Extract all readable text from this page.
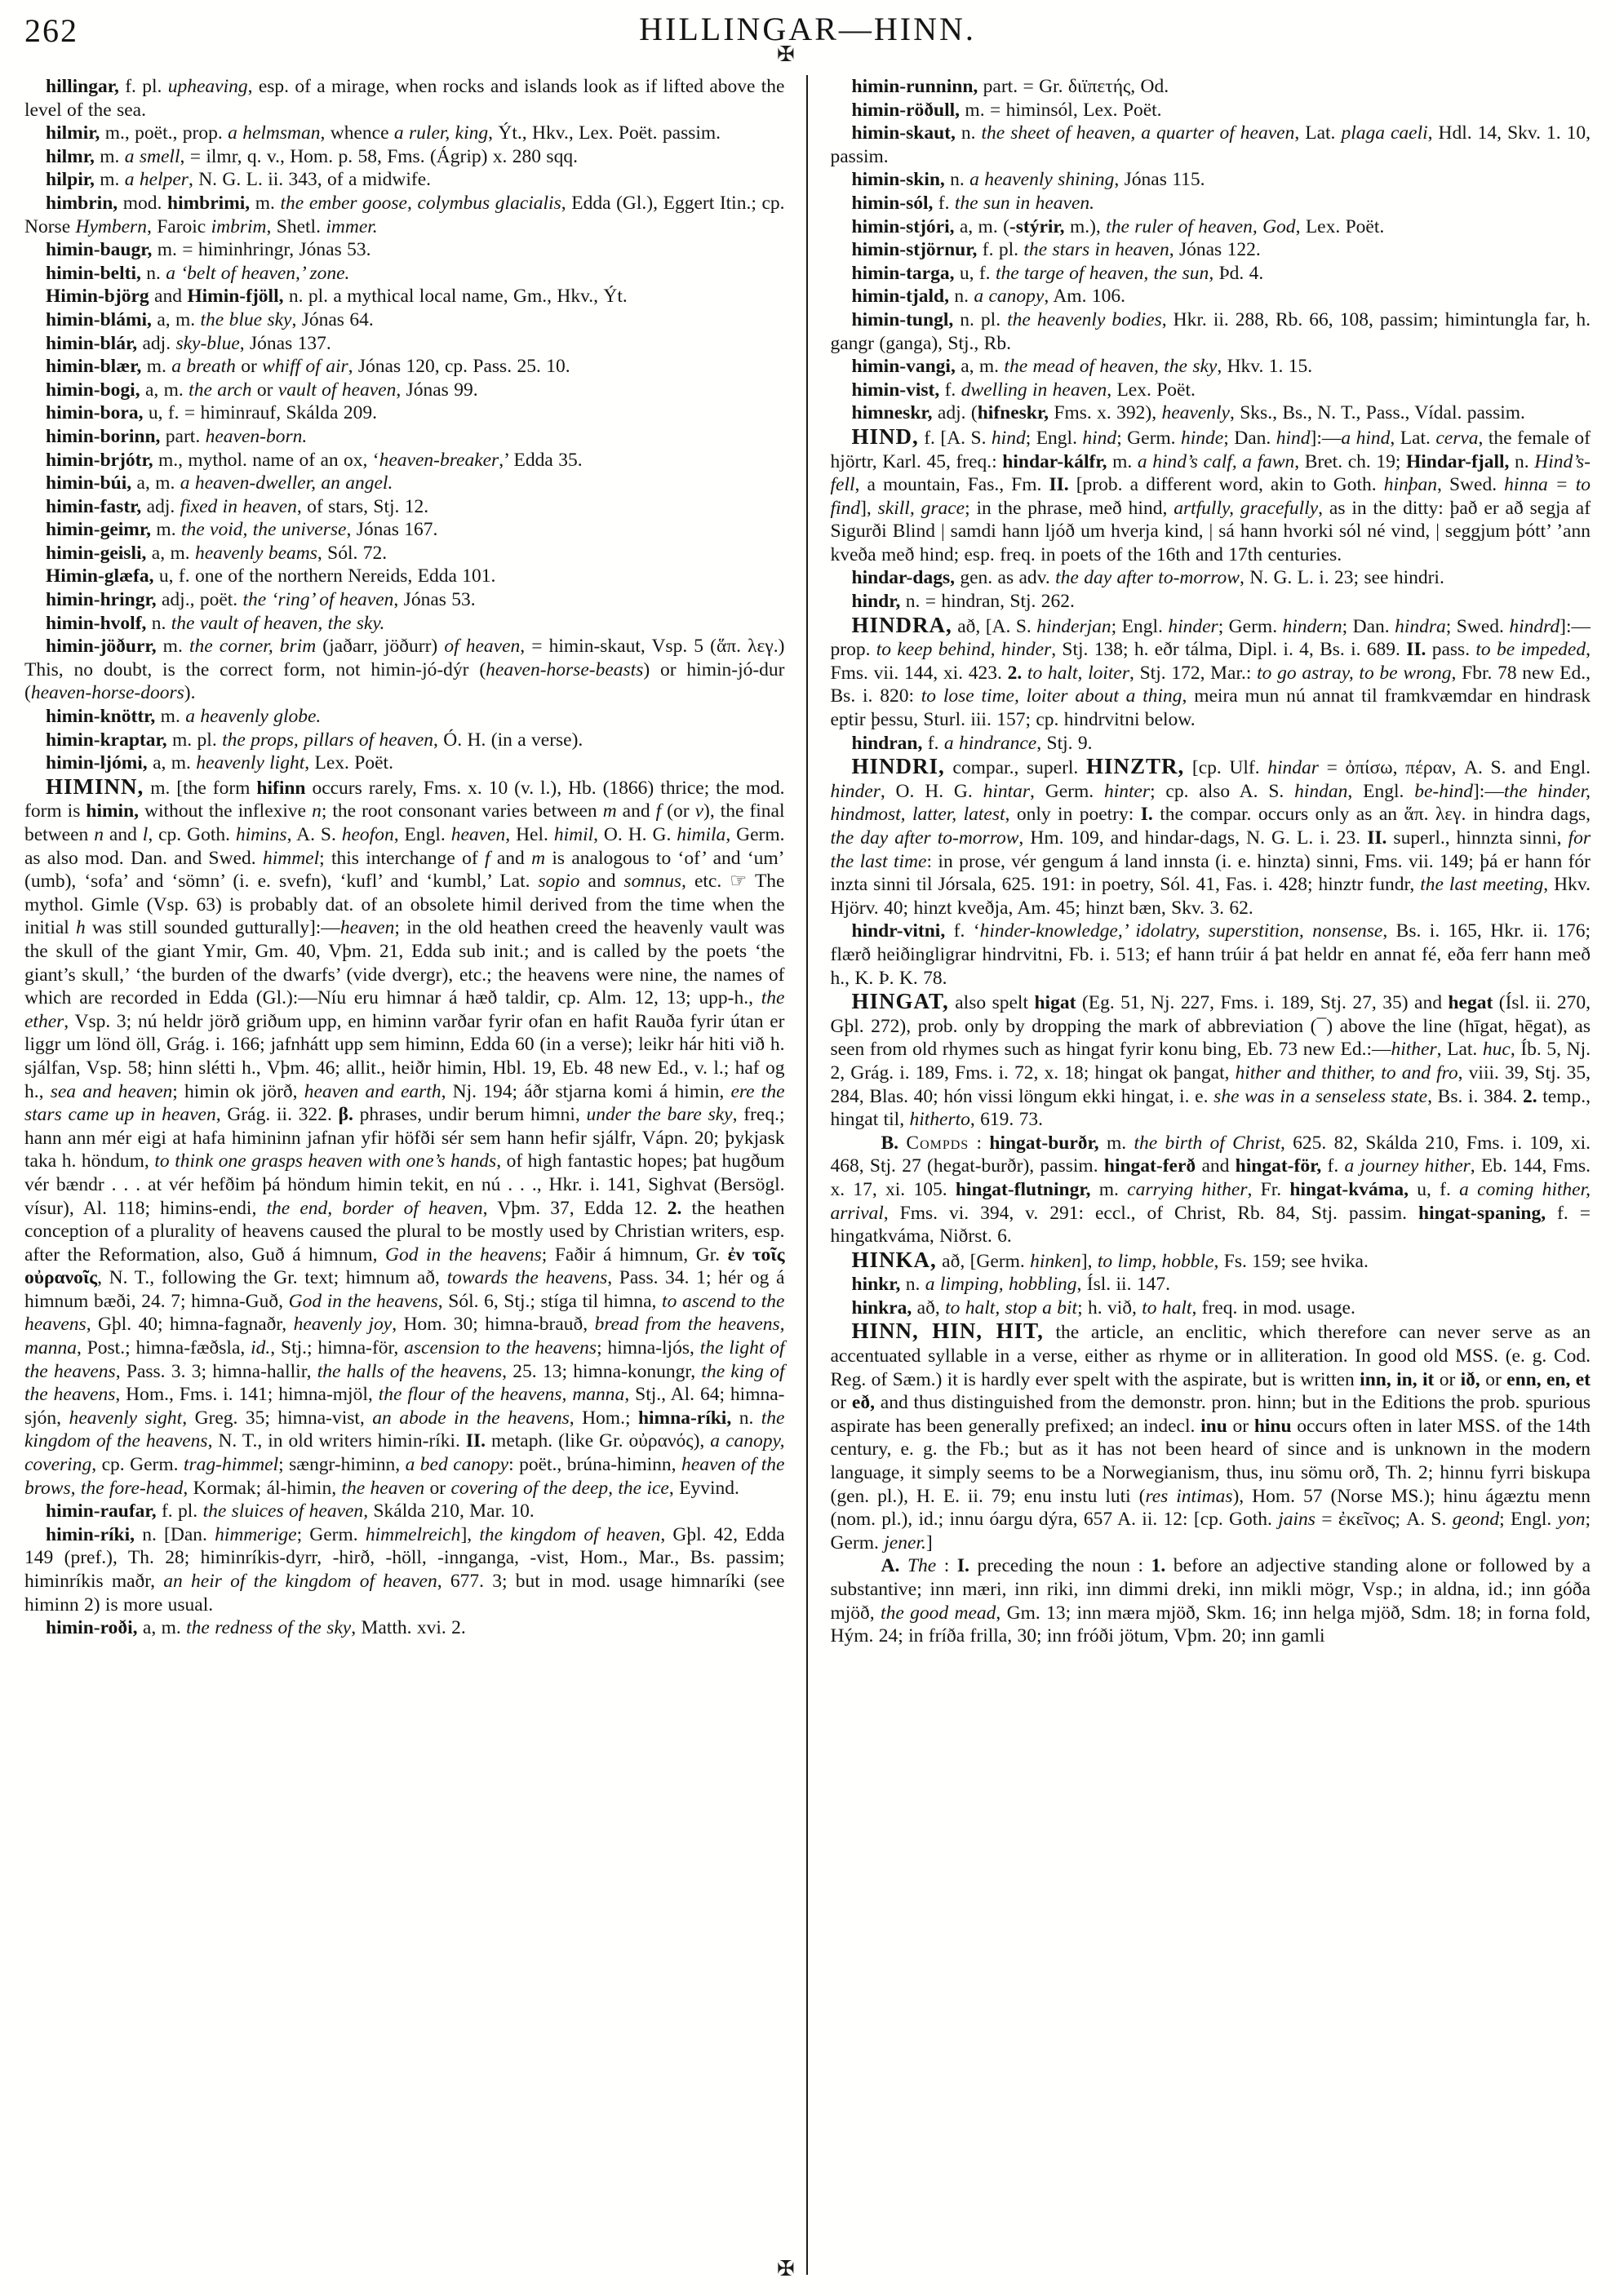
262	HILLINGAR—HINN.

hillingar, f. pl. upheaving, esp. of a mirage, when rocks and islands look as if lifted above the level of the sea.

hilmir, m., poët., prop. a helmsman, whence a ruler, king, Ýt., Hkv., Lex. Poët. passim.

hilmr, m. a smell, = ilmr, q. v., Hom. p. 58, Fms. (Ágrip) x. 280 sqq.

hilpir, m. a helper, N. G. L. ii. 343, of a midwife.

himbrin, mod. himbrimi, m. the ember goose, colymbus glacialis, Edda (Gl.), Eggert Itin.; cp. Norse Hymbern, Faroic imbrim, Shetl. immer.

himin-baugr, m. = himinhringr, Jónas 53.

himin-belti, n. a ‘belt of heaven,’ zone.

Himin-björg and Himin-fjöll, n. pl. a mythical local name, Gm., Hkv., Ýt.

himin-blámi, a, m. the blue sky, Jónas 64.

himin-blár, adj. sky-blue, Jónas 137.

himin-blær, m. a breath or whiff of air, Jónas 120, cp. Pass. 25. 10.

himin-bogi, a, m. the arch or vault of heaven, Jónas 99.

himin-bora, u, f. = himinrauf, Skálda 209.

himin-borinn, part. heaven-born.

himin-brjótr, m., mythol. name of an ox, ‘heaven-breaker,’ Edda 35.

himin-búi, a, m. a heaven-dweller, an angel.

himin-fastr, adj. fixed in heaven, of stars, Stj. 12.

himin-geimr, m. the void, the universe, Jónas 167.

himin-geisli, a, m. heavenly beams, Sól. 72.

Himin-glæfa, u, f. one of the northern Nereids, Edda 101.

himin-hringr, adj., poët. the ‘ring’ of heaven, Jónas 53.

himin-hvolf, n. the vault of heaven, the sky.

himin-jöðurr, m. the corner, brim (jaðarr, jöðurr) of heaven, = himin-skaut, Vsp. 5 (ἅπ. λεγ.) This, no doubt, is the correct form, not himin-jó-dýr (heaven-horse-beasts) or himin-jó-dur (heaven-horse-doors).

himin-knöttr, m. a heavenly globe.

himin-kraptar, m. pl. the props, pillars of heaven, Ó. H. (in a verse).

himin-ljómi, a, m. heavenly light, Lex. Poët.

HIMINN, m. [the form hifinn occurs rarely, Fms. x. 10 (v. l.), Hb. (1866) thrice; the mod. form is himin, without the inflexive n; the root consonant varies between m and f (or v), the final between n and l, cp. Goth. himins, A. S. heofon, Engl. heaven, Hel. himil, O. H. G. himila, Germ. as also mod. Dan. and Swed. himmel; this interchange of f and m is analogous to ‘of’ and ‘um’ (umb), ‘sofa’ and ‘sömn’ (i. e. svefn), ‘kufl’ and ‘kumbl,’ Lat. sopio and somnus, etc. ☞ The mythol. Gimle (Vsp. 63) is probably dat. of an obsolete himil derived from the time when the initial h was still sounded gutturally]:—heaven; in the old heathen creed the heavenly vault was the skull of the giant Ymir, Gm. 40, Vþm. 21, Edda sub init.; and is called by the poets ‘the giant’s skull,’ ‘the burden of the dwarfs’ (vide dvergr), etc.; the heavens were nine, the names of which are recorded in Edda (Gl.):—Níu eru himnar á hæð taldir, cp. Alm. 12, 13; upp-h., the ether, Vsp. 3; nú heldr jörð griðum upp, en himinn varðar fyrir ofan en hafit Rauða fyrir útan er liggr um lönd öll, Grág. i. 166; jafnhátt upp sem himinn, Edda 60 (in a verse); leikr hár hiti við h. sjálfan, Vsp. 58; hinn slétti h., Vþm. 46; allit., heiðr himin, Hbl. 19, Eb. 48 new Ed., v. l.; haf og h., sea and heaven; himin ok jörð, heaven and earth, Nj. 194; áðr stjarna komi á himin, ere the stars came up in heaven, Grág. ii. 322. β. phrases, undir berum himni, under the bare sky, freq.; hann ann mér eigi at hafa himininn jafnan yfir höfði sér sem hann hefir sjálfr, Vápn. 20; þykjask taka h. höndum, to think one grasps heaven with one’s hands, of high fantastic hopes; þat hugðum vér bændr . . . at vér hefðim þá höndum himin tekit, en nú . . ., Hkr. i. 141, Sighvat (Bersögl. vísur), Al. 118; himins-endi, the end, border of heaven, Vþm. 37, Edda 12. 2. the heathen conception of a plurality of heavens caused the plural to be mostly used by Christian writers, esp. after the Reformation, also, Guð á himnum, God in the heavens; Faðir á himnum, Gr. ἐν τοῖς οὐρανοῖς, N. T., following the Gr. text; himnum að, towards the heavens, Pass. 34. 1; hér og á himnum bæði, 24. 7; himna-Guð, God in the heavens, Sól. 6, Stj.; stíga til himna, to ascend to the heavens, Gþl. 40; himna-fagnaðr, heavenly joy, Hom. 30; himna-brauð, bread from the heavens, manna, Post.; himna-fæðsla, id., Stj.; himna-för, ascension to the heavens; himna-ljós, the light of the heavens, Pass. 3. 3; himna-hallir, the halls of the heavens, 25. 13; himna-konungr, the king of the heavens, Hom., Fms. i. 141; himna-mjöl, the flour of the heavens, manna, Stj., Al. 64; himna-sjón, heavenly sight, Greg. 35; himna-vist, an abode in the heavens, Hom.; himna-ríki, n. the kingdom of the heavens, N. T., in old writers himin-ríki. II. metaph. (like Gr. οὐρανός), a canopy, covering, cp. Germ. trag-himmel; sængr-himinn, a bed canopy: poët., brúna-himinn, heaven of the brows, the fore-head, Kormak; ál-himin, the heaven or covering of the deep, the ice, Eyvind.

himin-raufar, f. pl. the sluices of heaven, Skálda 210, Mar. 10.

himin-ríki, n. [Dan. himmerige; Germ. himmelreich], the kingdom of heaven, Gþl. 42, Edda 149 (pref.), Th. 28; himinríkis-dyrr, -hirð, -höll, -innganga, -vist, Hom., Mar., Bs. passim; himinríkis maðr, an heir of the kingdom of heaven, 677. 3; but in mod. usage himnaríki (see himinn 2) is more usual.

himin-roði, a, m. the redness of the sky, Matth. xvi. 2.

himin-runninn, part. = Gr. διϊπετής, Od.

himin-röðull, m. = himinsól, Lex. Poët.

himin-skaut, n. the sheet of heaven, a quarter of heaven, Lat. plaga caeli, Hdl. 14, Skv. 1. 10, passim.

himin-skin, n. a heavenly shining, Jónas 115.

himin-sól, f. the sun in heaven.

himin-stjóri, a, m. (-stýrir, m.), the ruler of heaven, God, Lex. Poët.

himin-stjörnur, f. pl. the stars in heaven, Jónas 122.

himin-targa, u, f. the targe of heaven, the sun, Þd. 4.

himin-tjald, n. a canopy, Am. 106.

himin-tungl, n. pl. the heavenly bodies, Hkr. ii. 288, Rb. 66, 108, passim; himintungla far, h. gangr (ganga), Stj., Rb.

himin-vangi, a, m. the mead of heaven, the sky, Hkv. 1. 15.

himin-vist, f. dwelling in heaven, Lex. Poët.

himneskr, adj. (hifneskr, Fms. x. 392), heavenly, Sks., Bs., N. T., Pass., Vídal. passim.

HIND, f. [A. S. hind; Engl. hind; Germ. hinde; Dan. hind]:—a hind, Lat. cerva, the female of hjörtr, Karl. 45, freq.: hindar-kálfr, m. a hind’s calf, a fawn, Bret. ch. 19; Hindar-fjall, n. Hind’s-fell, a mountain, Fas., Fm. II. [prob. a different word, akin to Goth. hinþan, Swed. hinna = to find], skill, grace; in the phrase, með hind, artfully, gracefully, as in the ditty: það er að segja af Sigurði Blind | samdi hann ljóð um hverja kind, | sá hann hvorki sól né vind, | seggjum þótt’ ’ann kveða með hind; esp. freq. in poets of the 16th and 17th centuries.

hindar-dags, gen. as adv. the day after to-morrow, N. G. L. i. 23; see hindri.

hindr, n. = hindran, Stj. 262.

HINDRA, að, [A. S. hinderjan; Engl. hinder; Germ. hindern; Dan. hindra; Swed. hindrd]:—prop. to keep behind, hinder, Stj. 138; h. eðr tálma, Dipl. i. 4, Bs. i. 689. II. pass. to be impeded, Fms. vii. 144, xi. 423. 2. to halt, loiter, Stj. 172, Mar.: to go astray, to be wrong, Fbr. 78 new Ed., Bs. i. 820: to lose time, loiter about a thing, meira mun nú annat til framkvæmdar en hindrask eptir þessu, Sturl. iii. 157; cp. hindrvitni below.

hindran, f. a hindrance, Stj. 9.

HINDRI, compar., superl. HINZTR, [cp. Ulf. hindar = ὀπίσω, πέραν, A. S. and Engl. hinder, O. H. G. hintar, Germ. hinter; cp. also A. S. hindan, Engl. be-hind]:—the hinder, hindmost, latter, latest, only in poetry: I. the compar. occurs only as an ἅπ. λεγ. in hindra dags, the day after to-morrow, Hm. 109, and hindar-dags, N. G. L. i. 23. II. superl., hinnzta sinni, for the last time: in prose, vér gengum á land innsta (i. e. hinzta) sinni, Fms. vii. 149; þá er hann fór inzta sinni til Jórsala, 625. 191: in poetry, Sól. 41, Fas. i. 428; hinztr fundr, the last meeting, Hkv. Hjörv. 40; hinzt kveðja, Am. 45; hinzt bæn, Skv. 3. 62.

hindr-vitni, f. ‘hinder-knowledge,’ idolatry, superstition, nonsense, Bs. i. 165, Hkr. ii. 176; flærð heiðingligrar hindrvitni, Fb. i. 513; ef hann trúir á þat heldr en annat fé, eða ferr hann með h., K. Þ. K. 78.

HINGAT, also spelt higat (Eg. 51, Nj. 227, Fms. i. 189, Stj. 27, 35) and hegat (Ísl. ii. 270, Gþl. 272), prob. only by dropping the mark of abbreviation (¯) above the line (hīgat, hēgat), as seen from old rhymes such as hingat fyrir konu bing, Eb. 73 new Ed.:—hither, Lat. huc, Íb. 5, Nj. 2, Grág. i. 189, Fms. i. 72, x. 18; hingat ok þangat, hither and thither, to and fro, viii. 39, Stj. 35, 284, Blas. 40; hón vissi löngum ekki hingat, i. e. she was in a senseless state, Bs. i. 384. 2. temp., hingat til, hitherto, 619. 73.

B. Compds : hingat-burðr, m. the birth of Christ, 625. 82, Skálda 210, Fms. i. 109, xi. 468, Stj. 27 (hegat-burðr), passim. hingat-ferð and hingat-för, f. a journey hither, Eb. 144, Fms. x. 17, xi. 105. hingat-flutningr, m. carrying hither, Fr. hingat-kváma, u, f. a coming hither, arrival, Fms. vi. 394, v. 291: eccl., of Christ, Rb. 84, Stj. passim. hingat-spaning, f. = hingatkváma, Niðrst. 6.

HINKA, að, [Germ. hinken], to limp, hobble, Fs. 159; see hvika.

hinkr, n. a limping, hobbling, Ísl. ii. 147.

hinkra, að, to halt, stop a bit; h. við, to halt, freq. in mod. usage.

HINN, HIN, HIT, the article, an enclitic, which therefore can never serve as an accentuated syllable in a verse, either as rhyme or in alliteration. In good old MSS. (e. g. Cod. Reg. of Sæm.) it is hardly ever spelt with the aspirate, but is written inn, in, it or ið, or enn, en, et or eð, and thus distinguished from the demonstr. pron. hinn; but in the Editions the prob. spurious aspirate has been generally prefixed; an indecl. inu or hinu occurs often in later MSS. of the 14th century, e. g. the Fb.; but as it has not been heard of since and is unknown in the modern language, it simply seems to be a Norwegianism, thus, inu sömu orð, Th. 2; hinnu fyrri biskupa (gen. pl.), H. E. ii. 79; enu instu luti (res intimas), Hom. 57 (Norse MS.); hinu ágæztu menn (nom. pl.), id.; innu óargu dýra, 657 A. ii. 12: [cp. Goth. jains = ἐκεῖνος; A. S. geond; Engl. yon; Germ. jener.]

A. The : I. preceding the noun : 1. before an adjective standing alone or followed by a substantive; inn mæri, inn riki, inn dimmi dreki, inn mikli mögr, Vsp.; in aldna, id.; inn góða mjöð, the good mead, Gm. 13; inn mæra mjöð, Skm. 16; inn helga mjöð, Sdm. 18; in forna fold, Hým. 24; in fríða frilla, 30; inn fróði jötum, Vþm. 20; inn gamli

✠
✠
